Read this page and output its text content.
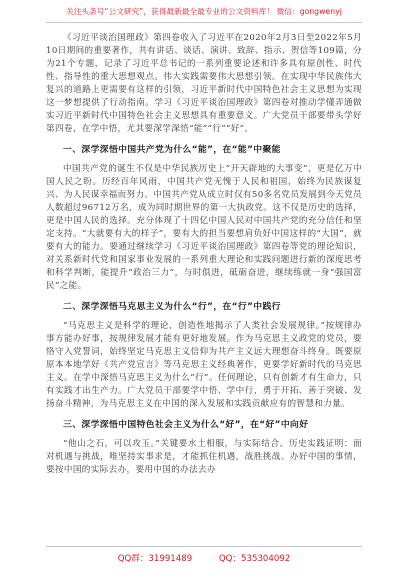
关注头条号“公文研究”，获得最新最全最专业的公文资料库！ 微信：gongwenyj

《习近平谈治国理政》第四卷收入了习近平在2020年2月3日至2022年5月10日期间的重要著作，共有讲话、谈话、演讲、致辞、指示、贺信等109篇，分为21个专题，记录了习近平总书记的一系列重要论述和许多具有原创性、时代性、指导性的重大思想观点。伟大实践需要伟大思想引领。在实现中华民族伟大复兴的道路上更需要有这样的引领，习近平新时代中国特色社会主义思想为实现这一梦想提供了行动指南。学习《习近平谈治国理政》第四卷对推动学懂弄通做实习近平新时代中国特色社会主义思想具有重要意义。广大党员干部要带头学好第四卷，在学中悟，尤其要深学深悟“能”“行”“好”。

一、深学深悟中国共产党为什么“能”，在“能”中聚能

中国共产党的诞生不仅是中华民族历史上“开天辟地的大事变”，更是亿万中国人民之盼。历经百年风雨，中国共产党无愧于人民和祖国，始终为民族谋复兴、为人民谋幸福而努力。中国共产党从成立时仅有50多名党员发展到今天党员人数超过96712万名，成为同时期世界的第一大执政党。这不仅是历史的选择，更是中国人民的选择。充分体现了十四亿中国人民对中国共产党的充分信任和坚定支持。“大就要有大的样子”，要有大的担当要想肩负好中国这样的“大国”，就要有大的能力。要通过继续学习《习近平谈治国理政》第四卷等党的理论知识，对关系新时代党和国家事业发展的一系列重大理论和实践问题进行新的深度思考和科学判断，能提升“政治三力”，与时俱进，砥砺奋进，继续练就一身“强国富民”之能。

二、深学深悟马克思主义为什么“行”，在“行”中践行

“马克思主义是科学的理论，创造性地揭示了人类社会发展规律。”按规律办事方能办好事，按规律发展才能有更好地发展。作为马克思主义政党的党员，要恪守入党誓词，始终坚定马克思主义信仰为共产主义远大理想奋斗终身。既要原原本本地学好《共产党宣言》等马克思主义经典著作，更要学好新时代的马克思主义。在学中深悟马克思主义为什么“行”。任何理论，只有创新才有生命力，只有实践才出生产力。广大党员干部要学中悟、学中行，勇于开拓、善于突破、发扬奋斗精神，为马克思主义在中国的深入发展和实践贡献应有的智慧和力量。

三、深学深悟中国特色社会主义为什么“好”，在“好”中向好

“他山之石，可以攻玉。”关键要水土相服，与实际结合。历史实践证明：面对机遇与挑战，唯坚持实事求是，才能抓住机遇，战胜挑战。办好中国的事情，要按中国的实际去办，要用中国的办法去办

QQ群：31991489	QQ：535304092
